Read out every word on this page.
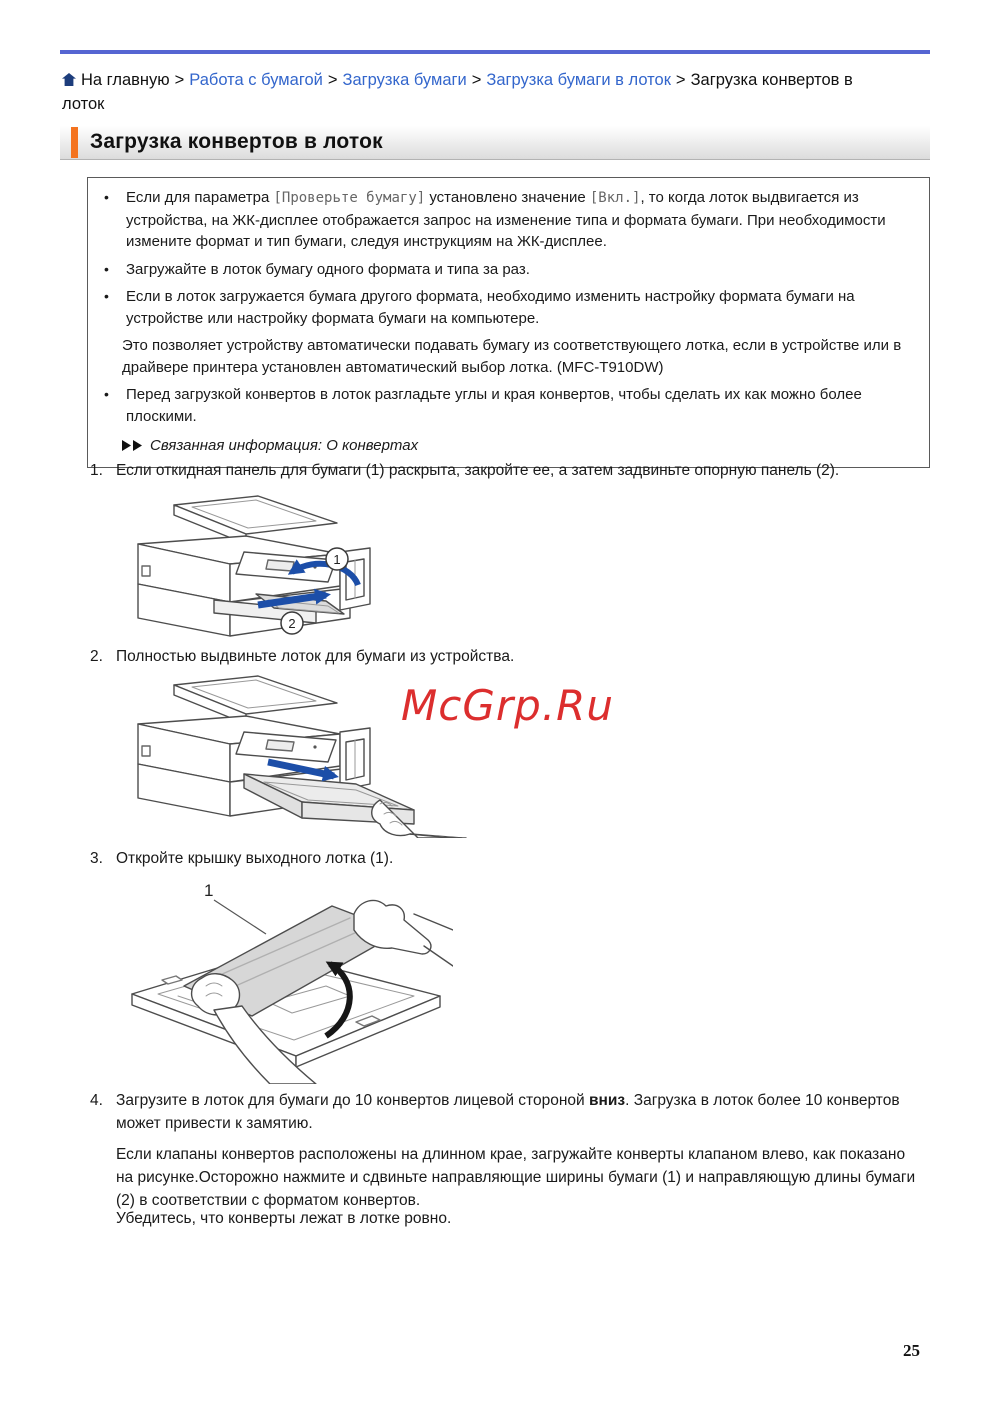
На главную > Работа с бумагой > Загрузка бумаги > Загрузка бумаги в лоток > Загрузка конвертов в лоток
Загрузка конвертов в лоток
•	Если для параметра [Проверьте бумагу] установлено значение [Вкл.], то когда лоток выдвигается из устройства, на ЖК-дисплее отображается запрос на изменение типа и формата бумаги. При необходимости измените формат и тип бумаги, следуя инструкциям на ЖК-дисплее.
•	Загружайте в лоток бумагу одного формата и типа за раз.
•	Если в лоток загружается бумага другого формата, необходимо изменить настройку формата бумаги на устройстве или настройку формата бумаги на компьютере.
Это позволяет устройству автоматически подавать бумагу из соответствующего лотка, если в устройстве или в драйвере принтера установлен автоматический выбор лотка. (MFC-T910DW)
•	Перед загрузкой конвертов в лоток разгладьте углы и края конвертов, чтобы сделать их как можно более плоскими.
Связанная информация: О конвертах
1. Если откидная панель для бумаги (1) раскрыта, закройте ее, а затем задвиньте опорную панель (2).
1
2
2. Полностью выдвиньте лоток для бумаги из устройства.
McGrp.Ru
3. Откройте крышку выходного лотка (1).
1
4. Загрузите в лоток для бумаги до 10 конвертов лицевой стороной вниз. Загрузка в лоток более 10 конвертов может привести к замятию.
Если клапаны конвертов расположены на длинном крае, загружайте конверты клапаном влево, как показано на рисунке.Осторожно нажмите и сдвиньте направляющие ширины бумаги (1) и направляющую длины бумаги (2) в соответствии с форматом конвертов.
Убедитесь, что конверты лежат в лотке ровно.
25
